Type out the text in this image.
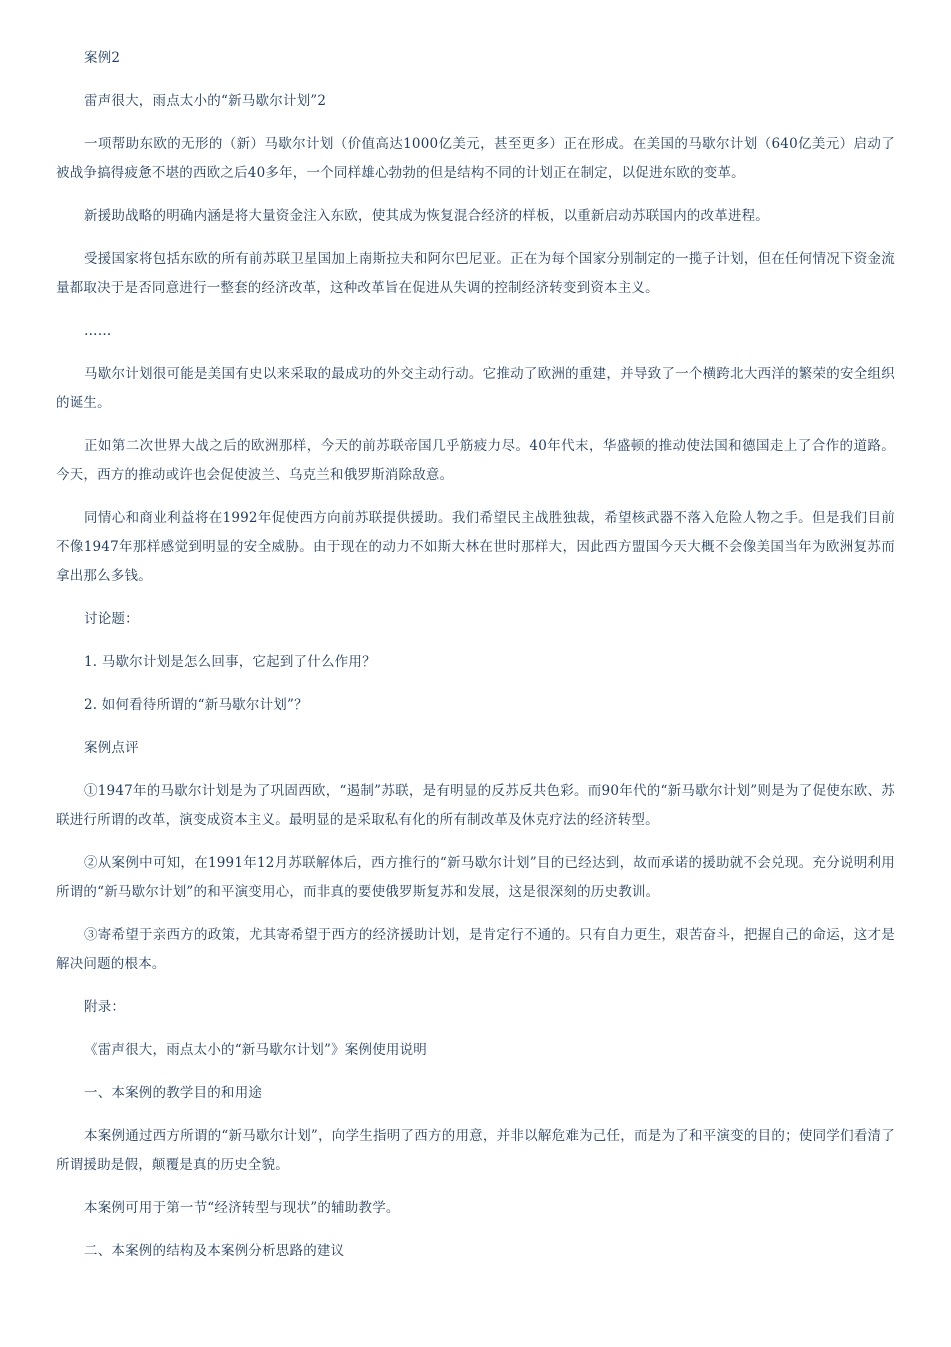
案例2

雷声很大，雨点太小的“新马歇尔计划”2

一项帮助东欧的无形的（新）马歇尔计划（价值高达1000亿美元，甚至更多）正在形成。在美国的马歇尔计划（640亿美元）启动了被战争搞得疲惫不堪的西欧之后40多年，一个同样雄心勃勃的但是结构不同的计划正在制定，以促进东欧的变革。

新援助战略的明确内涵是将大量资金注入东欧，使其成为恢复混合经济的样板，以重新启动苏联国内的改革进程。

受援国家将包括东欧的所有前苏联卫星国加上南斯拉夫和阿尔巴尼亚。正在为每个国家分别制定的一揽子计划，但在任何情况下资金流量都取决于是否同意进行一整套的经济改革，这种改革旨在促进从失调的控制经济转变到资本主义。

……

马歇尔计划很可能是美国有史以来采取的最成功的外交主动行动。它推动了欧洲的重建，并导致了一个横跨北大西洋的繁荣的安全组织的诞生。

正如第二次世界大战之后的欧洲那样，今天的前苏联帝国几乎筋疲力尽。40年代末，华盛顿的推动使法国和德国走上了合作的道路。今天，西方的推动或许也会促使波兰、乌克兰和俄罗斯消除敌意。

同情心和商业利益将在1992年促使西方向前苏联提供援助。我们希望民主战胜独裁，希望核武器不落入危险人物之手。但是我们目前不像1947年那样感觉到明显的安全威胁。由于现在的动力不如斯大林在世时那样大，因此西方盟国今天大概不会像美国当年为欧洲复苏而拿出那么多钱。

讨论题：

1. 马歇尔计划是怎么回事，它起到了什么作用？

2. 如何看待所谓的“新马歇尔计划”？

案例点评

①1947年的马歇尔计划是为了巩固西欧，“遏制”苏联，是有明显的反苏反共色彩。而90年代的“新马歇尔计划”则是为了促使东欧、苏联进行所谓的改革，演变成资本主义。最明显的是采取私有化的所有制改革及休克疗法的经济转型。

②从案例中可知，在1991年12月苏联解体后，西方推行的“新马歇尔计划”目的已经达到，故而承诺的援助就不会兑现。充分说明利用所谓的“新马歇尔计划”的和平演变用心，而非真的要使俄罗斯复苏和发展，这是很深刻的历史教训。

③寄希望于亲西方的政策，尤其寄希望于西方的经济援助计划，是肯定行不通的。只有自力更生，艰苦奋斗，把握自己的命运，这才是解决问题的根本。

附录：

《雷声很大，雨点太小的“新马歇尔计划”》案例使用说明

一、本案例的教学目的和用途

本案例通过西方所谓的“新马歇尔计划”，向学生指明了西方的用意，并非以解危难为己任，而是为了和平演变的目的；使同学们看清了所谓援助是假，颠覆是真的历史全貌。

本案例可用于第一节“经济转型与现状”的辅助教学。

二、本案例的结构及本案例分析思路的建议
